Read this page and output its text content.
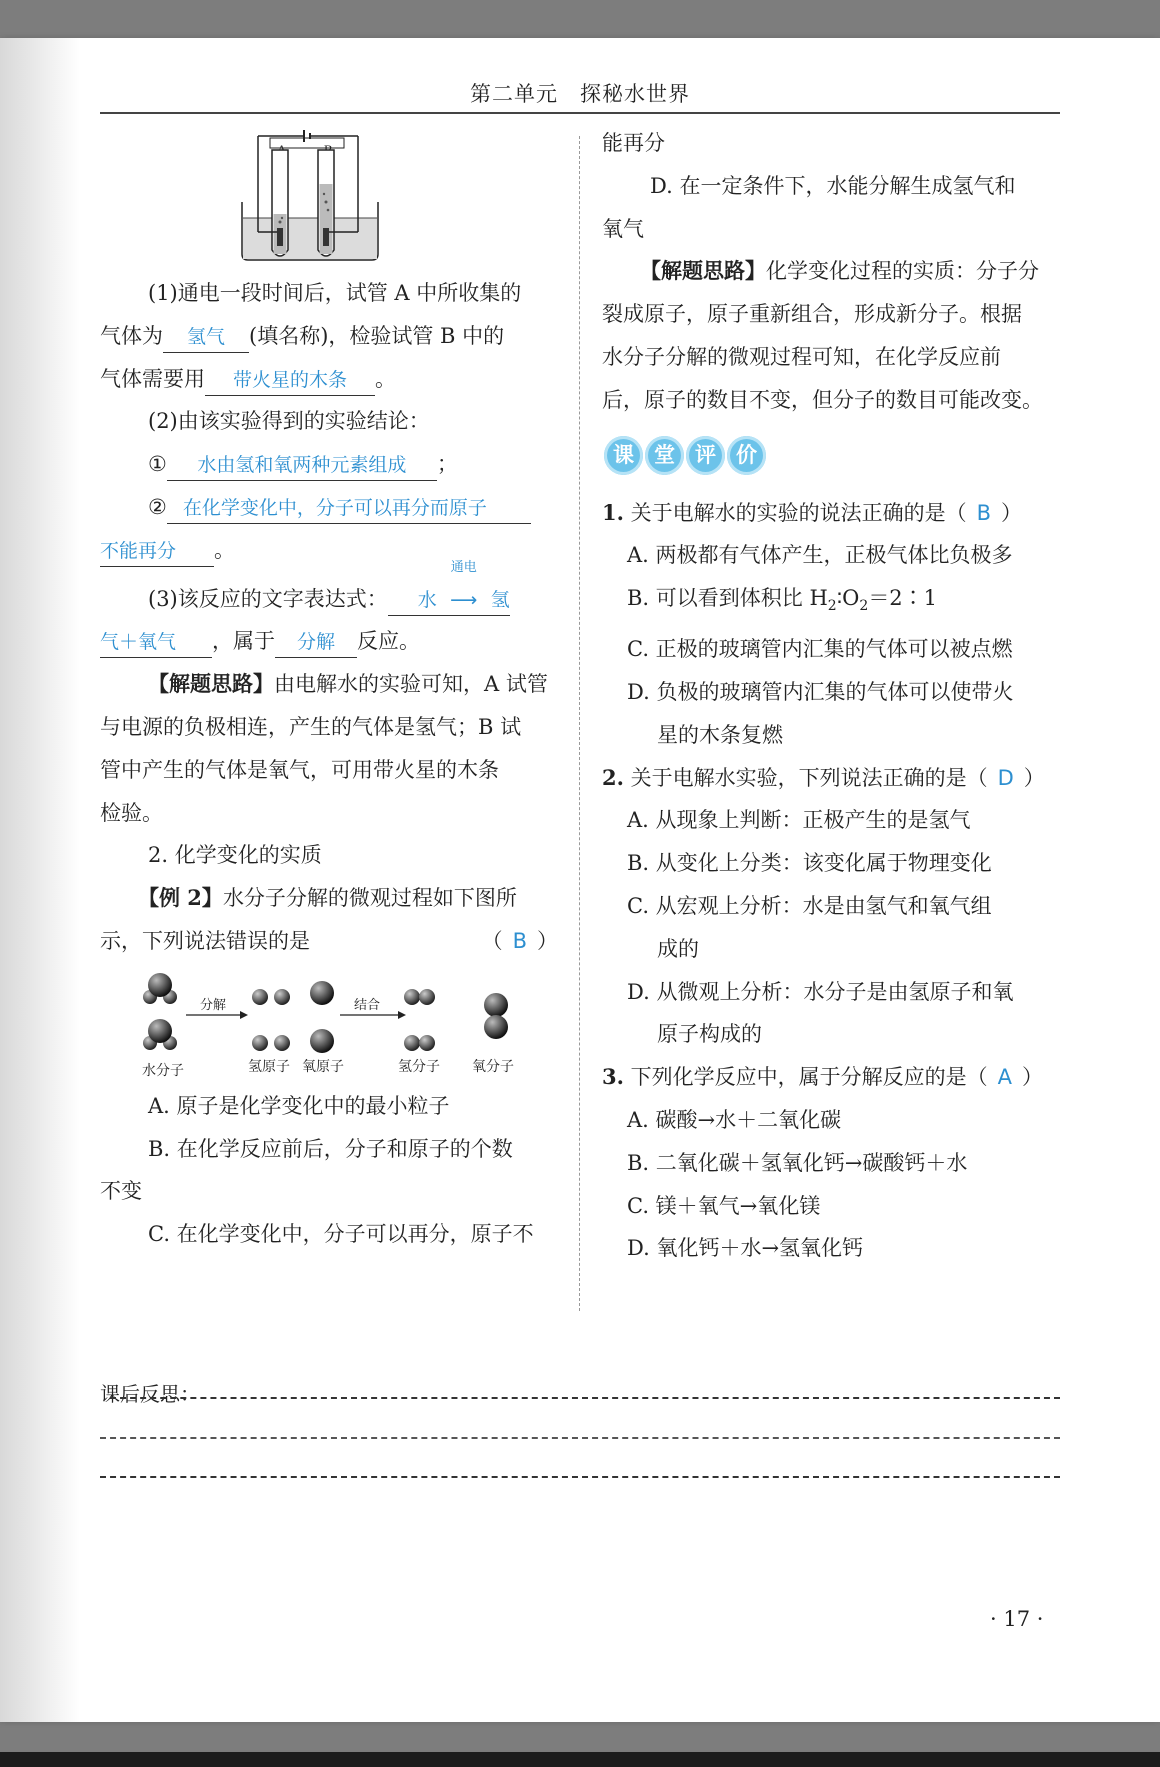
第二单元　探秘水世界

(1)通电一段时间后，试管 A 中所收集的

气体为 氢气 (填名称)，检验试管 B 中的

气体需要用 带火星的木条 。

(2)由该实验得到的实验结论：

① 水由氢和氧两种元素组成 ；

② 在化学变化中，分子可以再分而原子

不能再分 。

(3)该反应的文字表达式： 水
通电
⟶ 氢

气＋氧气 ，属于 分解 反应。

【解题思路】由电解水的实验可知，A 试管

与电源的负极相连，产生的气体是氢气；B 试

管中产生的气体是氧气，可用带火星的木条

检验。

2. 化学变化的实质

【例 2】水分子分解的微观过程如下图所

示，下列说法错误的是	（ B ）

分解	结合
水分子	氢原子 氧原子	氢分子 氧分子

A. 原子是化学变化中的最小粒子

B. 在化学反应前后，分子和原子的个数

不变

C. 在化学变化中，分子可以再分，原子不

能再分

D. 在一定条件下，水能分解生成氢气和

氧气

【解题思路】化学变化过程的实质：分子分

裂成原子，原子重新组合，形成新分子。根据

水分子分解的微观过程可知，在化学反应前

后，原子的数目不变，但分子的数目可能改变。

课 堂 评 价

1. 关于电解水的实验的说法正确的是（ B ）

A. 两极都有气体产生，正极气体比负极多

B. 可以看到体积比 $H_2∶O_2=2∶1$

C. 正极的玻璃管内汇集的气体可以被点燃

D. 负极的玻璃管内汇集的气体可以使带火

星的木条复燃

2. 关于电解水实验，下列说法正确的是（ D ）

A. 从现象上判断：正极产生的是氢气

B. 从变化上分类：该变化属于物理变化

C. 从宏观上分析：水是由氢气和氧气组

成的

D. 从微观上分析：水分子是由氢原子和氧

原子构成的

3. 下列化学反应中，属于分解反应的是（ A ）

A. 碳酸→水＋二氧化碳

B. 二氧化碳＋氢氧化钙→碳酸钙＋水

C. 镁＋氧气→氧化镁

D. 氧化钙＋水→氢氧化钙

课后反思：
· 17 ·
